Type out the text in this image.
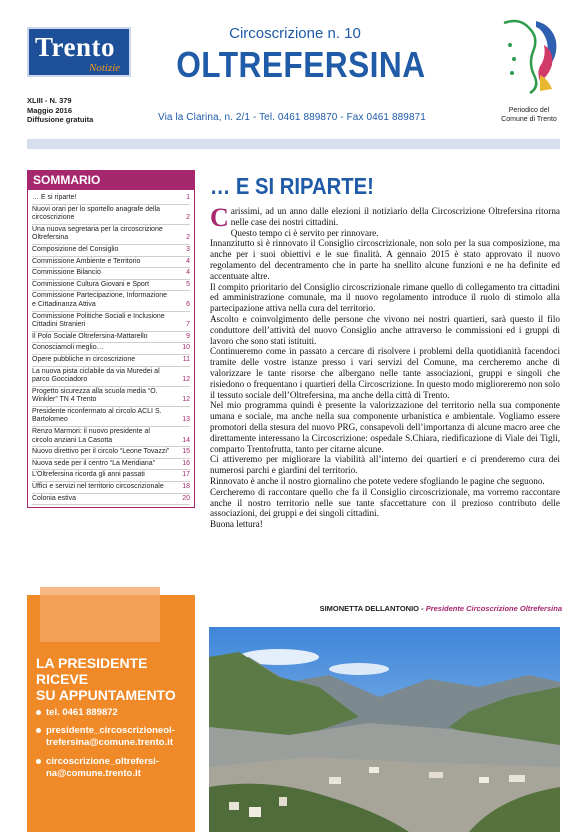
Trento
Notizie
XLIII - N. 379
Maggio 2016
Diffusione gratuita
Circoscrizione n. 10
OLTREFERSINA
Via la Clarina, n. 2/1 - Tel. 0461 889870 - Fax 0461 889871
Periodico del
Comune di Trento
SOMMARIO
… E si riparte!	1
Nuovi orari per lo sportello anagrafe della circoscrizione	2
Una nuova segretaria per la circoscrizione Oltrefersina	2
Composizione del Consiglio	3
Commissione Ambiente e Territorio	4
Commissione Bilancio	4
Commissione Cultura Giovani e Sport	5
Commissione Partecipazione, Informazione e Cittadinanza Attiva	6
Commissione Politiche Sociali e Inclusione Cittadini Stranieri	7
Il Polo Sociale Oltrefersina-Mattarello	9
Conosciamoli meglio…	10
Opere pubbliche in circoscrizione	11
La nuova pista ciclabile da via Muredei al parco Gocciadoro	12
Progetto sicurezza alla scuola media “O. Winkler” TN 4 Trento	12
Presidente riconfermato al circolo ACLI S. Bartolomeo	13
Renzo Marmori: il nuovo presidente al circolo anziani La Casotta	14
Nuovo direttivo per il circolo “Leone Tovazzi”	15
Nuova sede per il centro “La Meridiana”	16
L’Oltrefersina ricorda gli anni passati	17
Uffici e servizi nel territorio circoscrizionale	18
Colonia estiva	20
LA PRESIDENTE RICEVE
SU APPUNTAMENTO
tel. 0461 889872
presidente_circoscrizioneol-
trefersina@comune.trento.it
circoscrizione_oltrefersi-
na@comune.trento.it
… E SI RIPARTE!
C arissimi, ad un anno dalle elezioni il notiziario della Circoscrizione Oltrefersina ritorna nelle case dei nostri cittadini.

Questo tempo ci è servito per rinnovare.

Innanzitutto si è rinnovato il Consiglio circoscrizionale, non solo per la sua composizione, ma anche per i suoi obiettivi e le sue finalità. A gennaio 2015 è stato approvato il nuovo regolamento del decentramento che in parte ha snellito alcune funzioni e ne ha definite ed accentuate altre.

Il compito prioritario del Consiglio circoscrizionale rimane quello di collegamento tra cittadini ed amministrazione comunale, ma il nuovo regolamento introduce il ruolo di stimolo alla partecipazione attiva nella cura del territorio.

Ascolto e coinvolgimento delle persone che vivono nei nostri quartieri, sarà questo il filo conduttore dell’attività del nuovo Consiglio anche attraverso le commissioni ed i gruppi di lavoro che sono stati istituiti.

Continueremo come in passato a cercare di risolvere i problemi della quotidianità facendoci tramite delle vostre istanze presso i vari servizi del Comune, ma cercheremo anche di valorizzare le tante risorse che albergano nelle tante associazioni, gruppi e singoli che risiedono o frequentano i quartieri della Circoscrizione. In questo modo miglioreremo non solo il tessuto sociale dell’Oltrefersina, ma anche della città di Trento.

Nel mio programma quindi è presente la valorizzazione del territorio nella sua componente umana e sociale, ma anche nella sua componente urbanistica e ambientale. Vogliamo essere promotori della stesura del nuovo PRG, consapevoli dell’importanza di alcune macro aree che direttamente interessano la Circoscrizione: ospedale S.Chiara, riedificazione di Viale dei Tigli, comparto Trentofrutta, tanto per citarne alcune.

Ci attiveremo per migliorare la viabilità all’interno dei quartieri e ci prenderemo cura dei numerosi parchi e giardini del territorio.

Rinnovato è anche il nostro giornalino che potete vedere sfogliando le pagine che seguono.

Cercheremo di raccontare quello che fa il Consiglio circoscrizionale, ma vorremo raccontare anche il nostro territorio nelle sue tante sfaccettature con il prezioso contributo delle associazioni, dei gruppi e dei singoli cittadini.

Buona lettura!

SIMONETTA DELLANTONIO - Presidente Circoscrizione Oltrefersina
